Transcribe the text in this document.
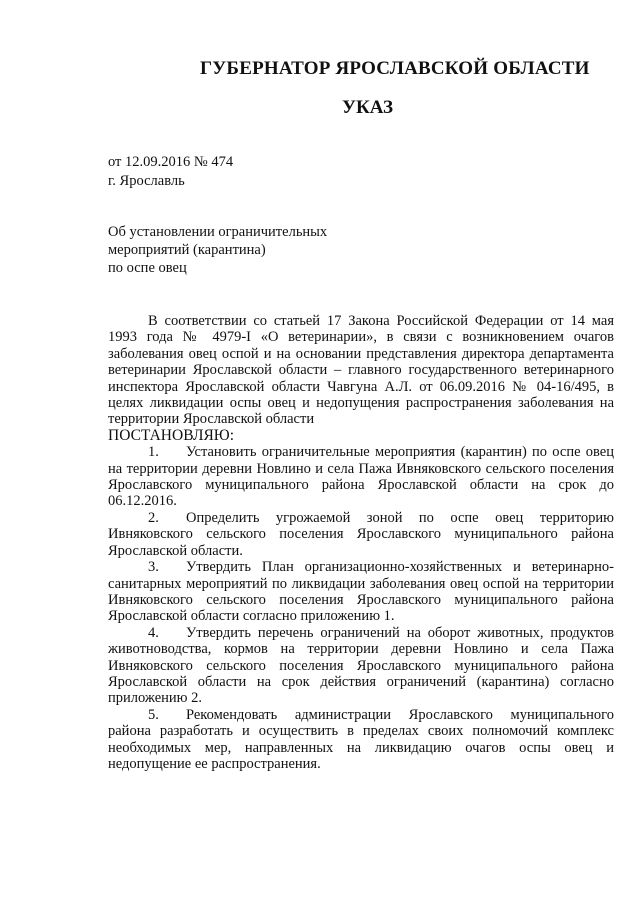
ГУБЕРНАТОР ЯРОСЛАВСКОЙ ОБЛАСТИ
УКАЗ
от 12.09.2016 № 474
г. Ярославль
Об установлении ограничительных
мероприятий (карантина)
по оспе овец

В соответствии со статьей 17 Закона Российской Федерации от 14 мая 1993 года № 4979-I «О ветеринарии», в связи с возникновением очагов заболевания овец оспой и на основании представления директора департамента ветеринарии Ярославской области – главного государственного ветеринарного инспектора Ярославской области Чавгуна А.Л. от 06.09.2016 № 04-16/495, в целях ликвидации оспы овец и недопущения распространения заболевания на территории Ярославской области

ПОСТАНОВЛЯЮ:

1. Установить ограничительные мероприятия (карантин) по оспе овец на территории деревни Новлино и села Пажа Ивняковского сельского поселения Ярославского муниципального района Ярославской области на срок до 06.12.2016.

2. Определить угрожаемой зоной по оспе овец территорию Ивняковского сельского поселения Ярославского муниципального района Ярославской области.

3. Утвердить План организационно-хозяйственных и ветеринарно-санитарных мероприятий по ликвидации заболевания овец оспой на территории Ивняковского сельского поселения Ярославского муниципального района Ярославской области согласно приложению 1.

4. Утвердить перечень ограничений на оборот животных, продуктов животноводства, кормов на территории деревни Новлино и села Пажа Ивняковского сельского поселения Ярославского муниципального района Ярославской области на срок действия ограничений (карантина) согласно приложению 2.

5. Рекомендовать администрации Ярославского муниципального района разработать и осуществить в пределах своих полномочий комплекс необходимых мер, направленных на ликвидацию очагов оспы овец и недопущение ее распространения.
